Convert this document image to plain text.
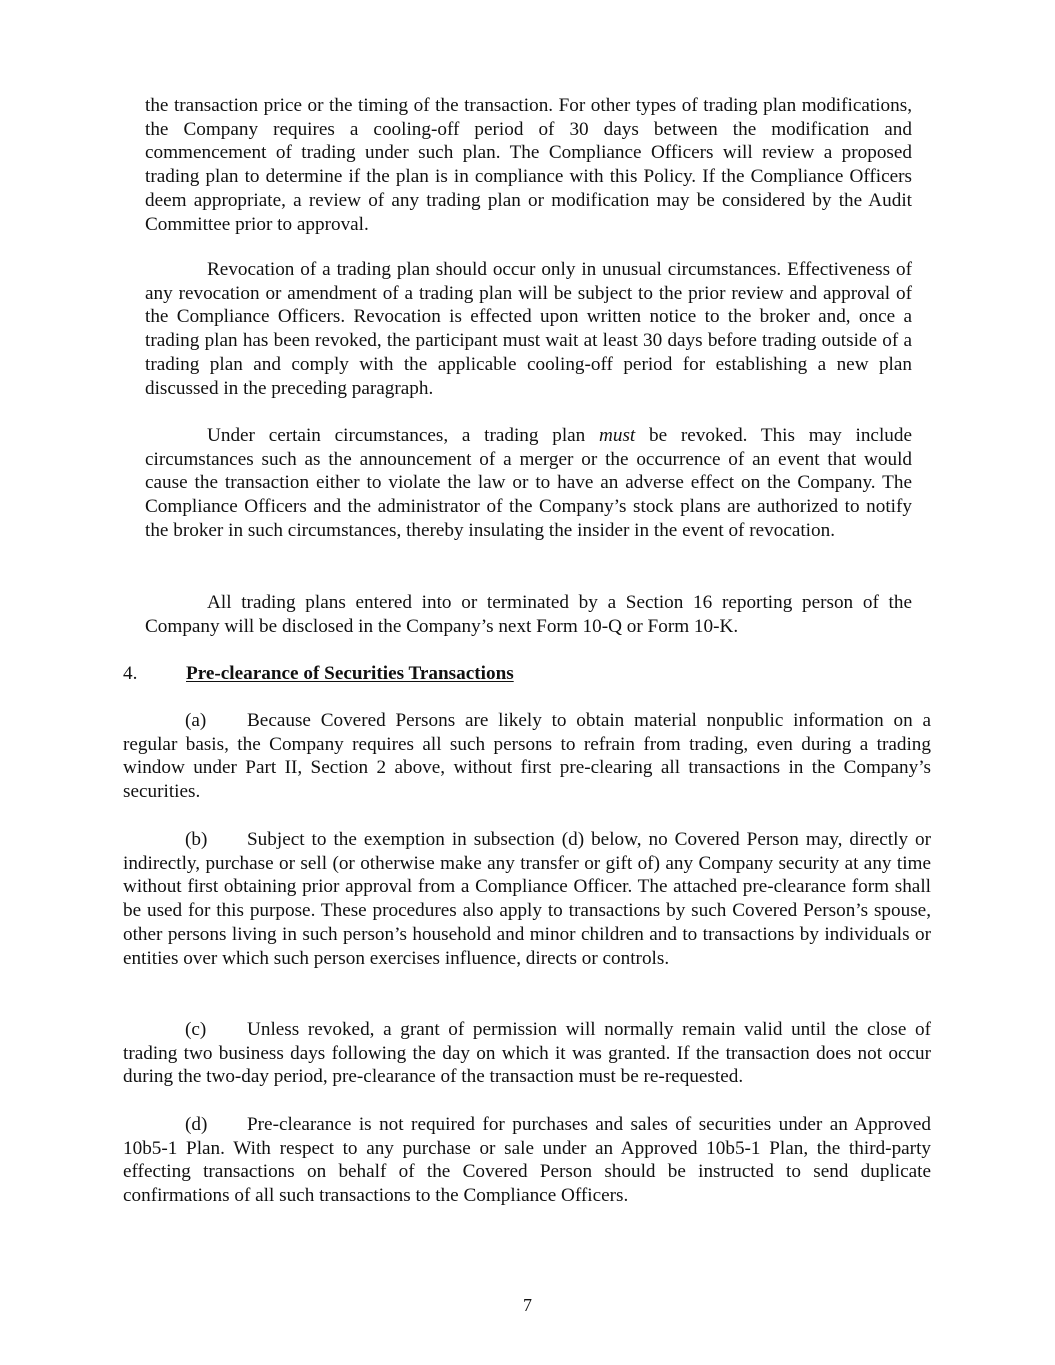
the transaction price or the timing of the transaction. For other types of trading plan modifications, the Company requires a cooling-off period of 30 days between the modification and commencement of trading under such plan. The Compliance Officers will review a proposed trading plan to determine if the plan is in compliance with this Policy. If the Compliance Officers deem appropriate, a review of any trading plan or modification may be considered by the Audit Committee prior to approval.

Revocation of a trading plan should occur only in unusual circumstances. Effectiveness of any revocation or amendment of a trading plan will be subject to the prior review and approval of the Compliance Officers. Revocation is effected upon written notice to the broker and, once a trading plan has been revoked, the participant must wait at least 30 days before trading outside of a trading plan and comply with the applicable cooling-off period for establishing a new plan discussed in the preceding paragraph.

Under certain circumstances, a trading plan must be revoked. This may include circumstances such as the announcement of a merger or the occurrence of an event that would cause the transaction either to violate the law or to have an adverse effect on the Company. The Compliance Officers and the administrator of the Company’s stock plans are authorized to notify the broker in such circumstances, thereby insulating the insider in the event of revocation.

All trading plans entered into or terminated by a Section 16 reporting person of the Company will be disclosed in the Company’s next Form 10-Q or Form 10-K.

4.	Pre-clearance of Securities Transactions

(a) Because Covered Persons are likely to obtain material nonpublic information on a regular basis, the Company requires all such persons to refrain from trading, even during a trading window under Part II, Section 2 above, without first pre-clearing all transactions in the Company’s securities.

(b) Subject to the exemption in subsection (d) below, no Covered Person may, directly or indirectly, purchase or sell (or otherwise make any transfer or gift of) any Company security at any time without first obtaining prior approval from a Compliance Officer. The attached pre-clearance form shall be used for this purpose. These procedures also apply to transactions by such Covered Person’s spouse, other persons living in such person’s household and minor children and to transactions by individuals or entities over which such person exercises influence, directs or controls.

(c) Unless revoked, a grant of permission will normally remain valid until the close of trading two business days following the day on which it was granted. If the transaction does not occur during the two-day period, pre-clearance of the transaction must be re-requested.

(d) Pre-clearance is not required for purchases and sales of securities under an Approved 10b5-1 Plan. With respect to any purchase or sale under an Approved 10b5-1 Plan, the third-party effecting transactions on behalf of the Covered Person should be instructed to send duplicate confirmations of all such transactions to the Compliance Officers.

7
